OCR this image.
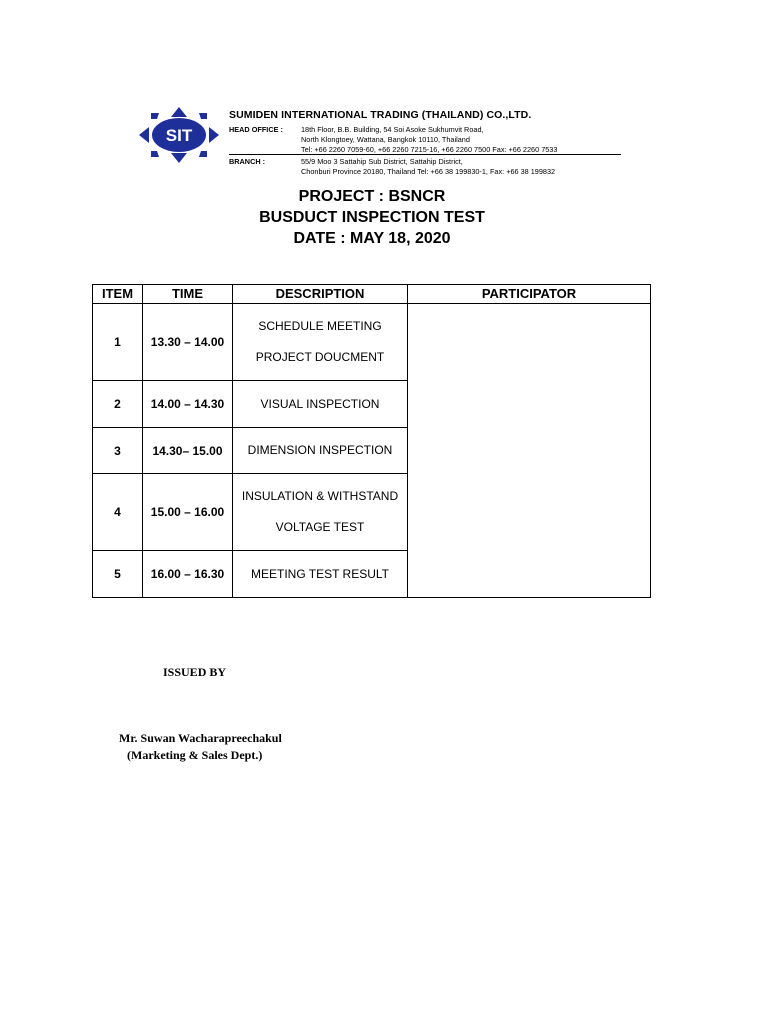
SIT
SUMIDEN INTERNATIONAL TRADING (THAILAND) CO.,LTD.
HEAD OFFICE : 18th Floor, B.B. Building, 54 Soi Asoke Sukhumvit Road,
North Klongtoey, Wattana, Bangkok 10110, Thailand
Tel: +66 2260 7059-60, +66 2260 7215-16, +66 2260 7500 Fax: +66 2260 7533
BRANCH :	55/9 Moo 3 Sattahip Sub District, Sattahip District,
Chonburi Province 20180, Thailand Tel: +66 38 199830-1, Fax: +66 38 199832
PROJECT : BSNCR
BUSDUCT INSPECTION TEST
DATE : MAY 18, 2020
ITEM	TIME	DESCRIPTION	PARTICIPATOR
1	13.30 – 14.00	SCHEDULE MEETING
PROJECT DOUCMENT	

2	14.00 – 14.30	VISUAL INSPECTION	

3	14.30– 15.00	DIMENSION INSPECTION	

4	15.00 – 16.00	INSULATION & WITHSTAND
VOLTAGE TEST	

5	16.00 – 16.30	MEETING TEST RESULT	
ISSUED BY
Mr. Suwan Wacharapreechakul
(Marketing & Sales Dept.)
